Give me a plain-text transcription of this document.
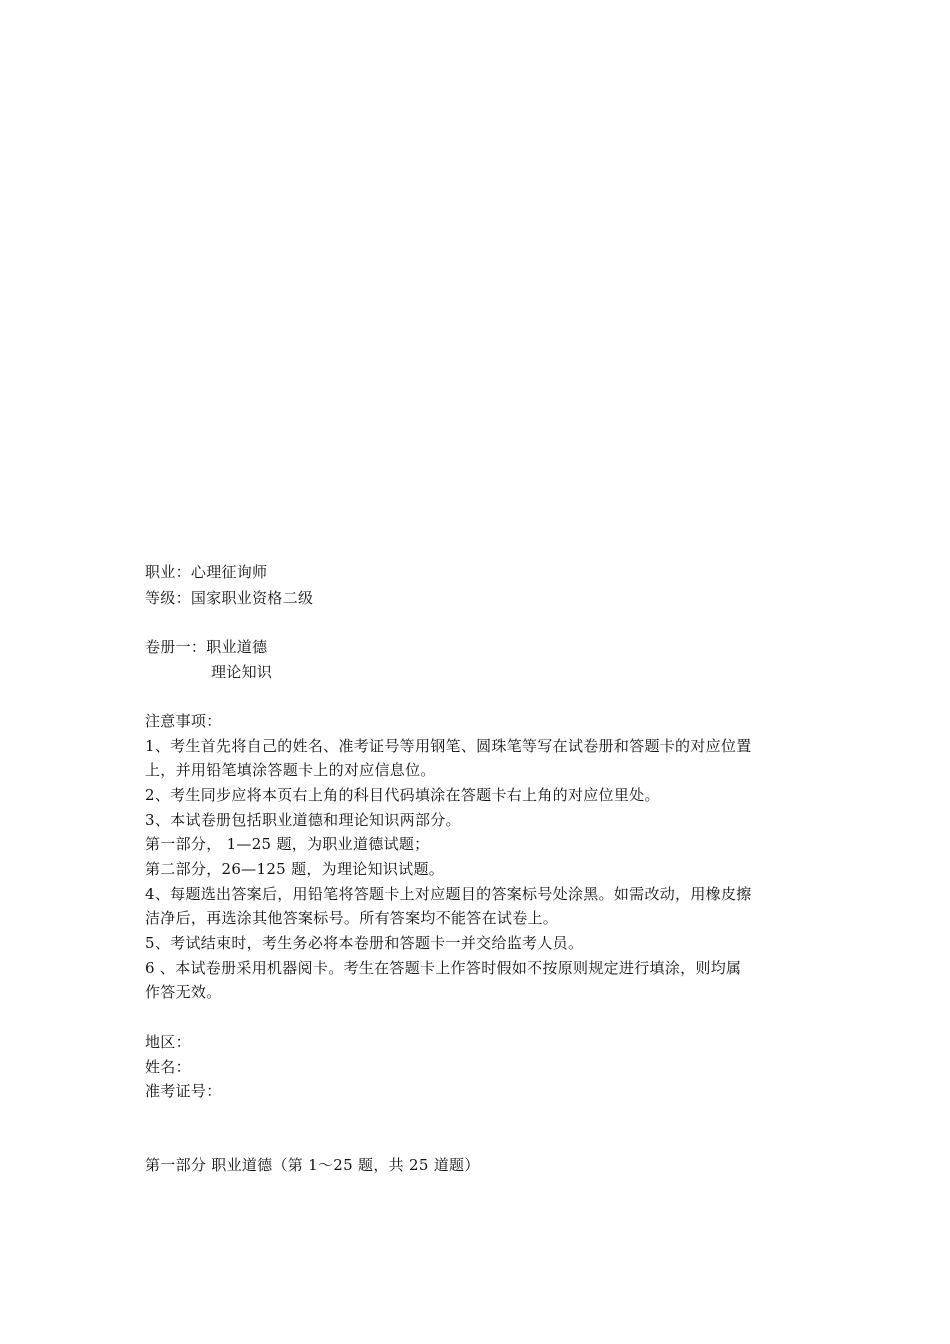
职业：心理征询师
等级：国家职业资格二级
卷册一：职业道德
理论知识
注意事项：
1、考生首先将自己的姓名、准考证号等用钢笔、圆珠笔等写在试卷册和答题卡的对应位置
上，并用铅笔填涂答题卡上的对应信息位。
2、考生同步应将本页右上角的科目代码填涂在答题卡右上角的对应位里处。
3、本试卷册包括职业道德和理论知识两部分。
第一部分， 1—25 题，为职业道德试题；
第二部分，26—125 题，为理论知识试题。
4、每题选出答案后，用铅笔将答题卡上对应题目的答案标号处涂黑。如需改动，用橡皮擦
洁净后，再选涂其他答案标号。所有答案均不能答在试卷上。
5、考试结束时，考生务必将本卷册和答题卡一并交给监考人员。
6 、本试卷册采用机器阅卡。考生在答题卡上作答时假如不按原则规定进行填涂，则均属
作答无效。
地区：
姓名：
准考证号：
第一部分 职业道德（第 1～25 题，共 25 道题）
